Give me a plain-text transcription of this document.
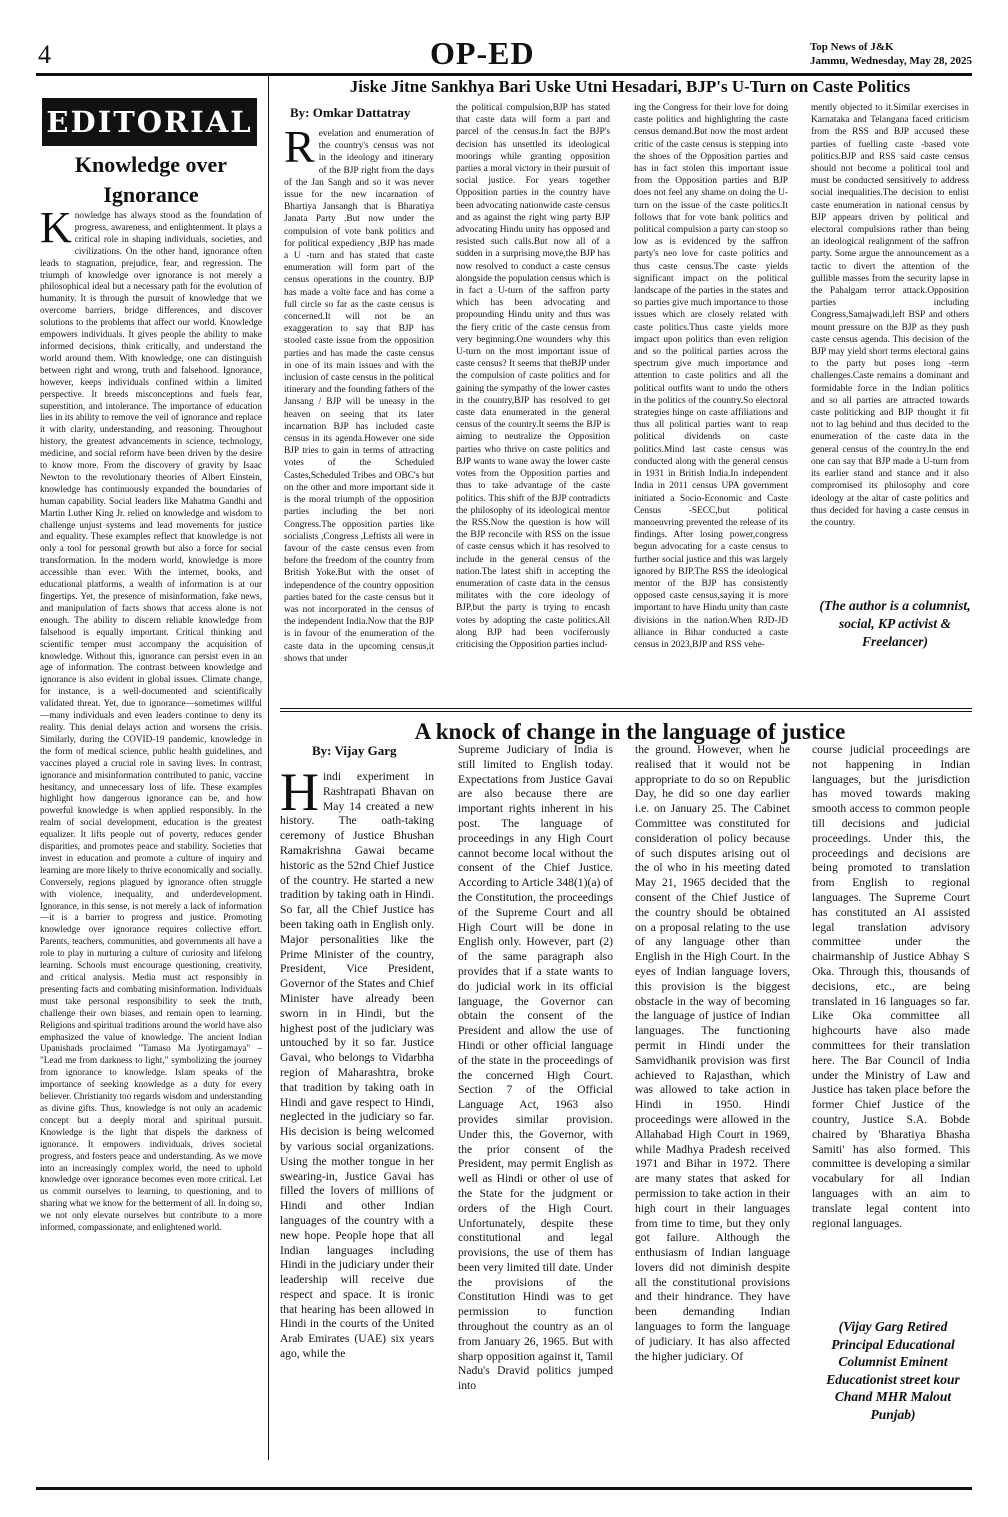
4	OP-ED	Top News of J&K
Jammu, Wednesday, May 28, 2025
EDITORIAL
Knowledge over Ignorance
Knowledge has always stood as the foundation of progress, awareness, and enlightenment. It plays a critical role in shaping individuals, societies, and civilizations. On the other hand, ignorance often leads to stagnation, prejudice, fear, and regression. The triumph of knowledge over ignorance is not merely a philosophical ideal but a necessary path for the evolution of humanity. It is through the pursuit of knowledge that we overcome barriers, bridge differences, and discover solutions to the problems that affect our world. Knowledge empowers individuals. It gives people the ability to make informed decisions, think critically, and understand the world around them. With knowledge, one can distinguish between right and wrong, truth and falsehood. Ignorance, however, keeps individuals confined within a limited perspective. It breeds misconceptions and fuels fear, superstition, and intolerance. The importance of education lies in its ability to remove the veil of ignorance and replace it with clarity, understanding, and reasoning. Throughout history, the greatest advancements in science, technology, medicine, and social reform have been driven by the desire to know more. From the discovery of gravity by Isaac Newton to the revolutionary theories of Albert Einstein, knowledge has continuously expanded the boundaries of human capability. Social leaders like Mahatma Gandhi and Martin Luther King Jr. relied on knowledge and wisdom to challenge unjust systems and lead movements for justice and equality. These examples reflect that knowledge is not only a tool for personal growth but also a force for social transformation. In the modern world, knowledge is more accessible than ever. With the internet, books, and educational platforms, a wealth of information is at our fingertips. Yet, the presence of misinformation, fake news, and manipulation of facts shows that access alone is not enough. The ability to discern reliable knowledge from falsehood is equally important. Critical thinking and scientific temper must accompany the acquisition of knowledge. Without this, ignorance can persist even in an age of information. The contrast between knowledge and ignorance is also evident in global issues. Climate change, for instance, is a well-documented and scientifically validated threat. Yet, due to ignorance—sometimes willful—many individuals and even leaders continue to deny its reality. This denial delays action and worsens the crisis. Similarly, during the COVID-19 pandemic, knowledge in the form of medical science, public health guidelines, and vaccines played a crucial role in saving lives. In contrast, ignorance and misinformation contributed to panic, vaccine hesitancy, and unnecessary loss of life. These examples highlight how dangerous ignorance can be, and how powerful knowledge is when applied responsibly. In the realm of social development, education is the greatest equalizer. It lifts people out of poverty, reduces gender disparities, and promotes peace and stability. Societies that invest in education and promote a culture of inquiry and learning are more likely to thrive economically and socially. Conversely, regions plagued by ignorance often struggle with violence, inequality, and underdevelopment. Ignorance, in this sense, is not merely a lack of information—it is a barrier to progress and justice. Promoting knowledge over ignorance requires collective effort. Parents, teachers, communities, and governments all have a role to play in nurturing a culture of curiosity and lifelong learning. Schools must encourage questioning, creativity, and critical analysis. Media must act responsibly in presenting facts and combating misinformation. Individuals must take personal responsibility to seek the truth, challenge their own biases, and remain open to learning. Religions and spiritual traditions around the world have also emphasized the value of knowledge. The ancient Indian Upanishads proclaimed "Tamaso Ma Jyotirgamaya" – "Lead me from darkness to light," symbolizing the journey from ignorance to knowledge. Islam speaks of the importance of seeking knowledge as a duty for every believer. Christianity too regards wisdom and understanding as divine gifts. Thus, knowledge is not only an academic concept but a deeply moral and spiritual pursuit. Knowledge is the light that dispels the darkness of ignorance. It empowers individuals, drives societal progress, and fosters peace and understanding. As we move into an increasingly complex world, the need to uphold knowledge over ignorance becomes even more critical. Let us commit ourselves to learning, to questioning, and to sharing what we know for the betterment of all. In doing so, we not only elevate ourselves but contribute to a more informed, compassionate, and enlightened world.
Jiske Jitne Sankhya Bari Uske Utni Hesadari, BJP's U-Turn on Caste Politics
By: Omkar Dattatray
Revelation and enumeration of the country's census was not in the ideology and itinerary of the BJP right from the days of the Jan Sangh and so it was never issue for the new incarnation of Bhartiya Jansangh that is Bharatiya Janata Party .But now under the compulsion of vote bank politics and for political expediency ,BJP has made a U -turn and has stated that caste enumeration will form part of the census operations in the country. BJP has made a volte face and has come a full circle so far as the caste census is concerned.It will not be an exaggeration to say that BJP has stooled caste issue from the opposition parties and has made the caste census in one of its main issues and with the inclusion of caste census in the political itinerary and the founding fathers of the Jansang / BJP will be uneasy in the heaven on seeing that its later incarnation BJP has included caste census in its agenda.However one side BJP tries to gain in terms of attracting votes of the Scheduled Castes,Scheduled Tribes and OBC's but on the other and more important side it is the moral triumph of the opposition parties including the bet nori Congress.The opposition parties like socialists ,Congress ,Leftists all were in favour of the caste census even from before the freedom of the country from British Yoke.But with the onset of independence of the country opposition parties bated for the caste census but it was not incorporated in the census of the independent India.Now that the BJP is in favour of the enumeration of the caste data in the upcoming census,it shows that under
the political compulsion,BJP has stated that caste data will form a part and parcel of the census.In fact the BJP's decision has unsettled its ideological moorings while granting opposition parties a moral victory in their pursuit of social justice. For years together Opposition parties in the country have been advocating nationwide caste census and as against the right wing party BJP advocating Hindu unity has opposed and resisted such calls.But now all of a sudden in a surprising move,the BJP has now resolved to conduct a caste census alongside the population census which is in fact a U-turn of the saffron party which has been advocating and propounding Hindu unity and thus was the fiery critic of the caste census from very beginning.One wounders why this U-turn on the most important issue of caste census? It seems that theBJP under the compulsion of caste politics and for gaining the sympathy of the lower castes in the country,BJP has resolved to get caste data enumerated in the general census of the country.It seems the BJP is aiming to neutralize the Opposition parties who thrive on caste politics and BJP wants to wane away the lower caste votes from the Opposition parties and thus to take advantage of the caste politics. This shift of the BJP contradicts the philosophy of its ideological mentor the RSS.Now the question is how will the BJP reconcile with RSS on the issue of caste census which it has resolved to include in the general census of the nation.The latest shift in accepting the enumeration of caste data in the census militates with the core ideology of BJP,but the party is trying to encash votes by adopting the caste politics.All along BJP had been vociferously criticising the Opposition parties includ-
ing the Congress for their love for doing caste politics and highlighting the caste census demand.But now the most ardent critic of the caste census is stepping into the shoes of the Opposition parties and has in fact stolen this important issue from the Opposition parties and BJP does not feel any shame on doing the U-turn on the issue of the caste politics.It follows that for vote bank politics and political compulsion a party can stoop so low as is evidenced by the saffron party's neo love for caste politics and thus caste census.The caste yields significant impact on the political landscape of the parties in the states and so parties give much importance to those issues which are closely related with caste politics.Thus caste yields more impact upon politics than even religion and so the political parties across the spectrum give much importance and attention to caste politics and all the political outfits want to undo the others in the politics of the country.So electoral strategies hinge on caste affiliations and thus all political parties want to reap political dividends on caste politics.Mind last caste census was conducted along with the general census in 1931 in British India.In independent India in 2011 census UPA government initiated a Socio-Economic and Caste Census -SECC,but political manoeuvring prevented the release of its findings. After losing power,congress begun advocating for a caste census to further social justice and this was largely ignored by BJP.The RSS the ideological mentor of the BJP has consistently opposed caste census,saying it is more important to have Hindu unity than caste divisions in the nation.When RJD-JD alliance in Bihar conducted a caste census in 2023,BJP and RSS vehe-
mently objected to it.Similar exercises in Karnataka and Telangana faced criticism from the RSS and BJP accused these parties of fuelling caste -based vote politics.BJP and RSS said caste census should not become a political tool and must be conducted sensitively to address social inequalities.The decision to enlist caste enumeration in national census by BJP appears driven by political and electoral compulsions rather than being an ideological realignment of the saffron party. Some argue the announcement as a tactic to divert the attention of the gullible masses from the security lapse in the Pahalgam terror attack.Opposition parties including Congress,Samajwadi,left BSP and others mount pressure on the BJP as they push caste census agenda. This decision of the BJP may yield short terms electoral gains to the party but poses long -term challenges.Caste remains a dominant and formidable force in the Indian politics and so all parties are attracted towards caste politicking and BJP thought it fit not to lag behind and thus decided to the enumeration of the caste data in the general census of the country.In the end one can say that BJP made a U-turn from its earlier stand and stance and it also compromised its philosophy and core ideology at the altar of caste politics and thus decided for having a caste census in the country.
(The author is a columnist, social, KP activist & Freelancer)
A knock of change in the language of justice
By: Vijay Garg
Hindi experiment in Rashtrapati Bhavan on May 14 created a new history. The oath-taking ceremony of Justice Bhushan Ramakrishna Gawai became historic as the 52nd Chief Justice of the country. He started a new tradition by taking oath in Hindi. So far, all the Chief Justice has been taking oath in English only. Major personalities like the Prime Minister of the country, President, Vice President, Governor of the States and Chief Minister have already been sworn in in Hindi, but the highest post of the judiciary was untouched by it so far. Justice Gavai, who belongs to Vidarbha region of Maharashtra, broke that tradition by taking oath in Hindi and gave respect to Hindi, neglected in the judiciary so far. His decision is being welcomed by various social organizations. Using the mother tongue in her swearing-in, Justice Gavai has filled the lovers of millions of Hindi and other Indian languages of the country with a new hope. People hope that all Indian languages including Hindi in the judiciary under their leadership will receive due respect and space. It is ironic that hearing has been allowed in Hindi in the courts of the United Arab Emirates (UAE) six years ago, while the
Supreme Judiciary of India is still limited to English today. Expectations from Justice Gavai are also because there are important rights inherent in his post. The language of proceedings in any High Court cannot become local without the consent of the Chief Justice. According to Article 348(1)(a) of the Constitution, the proceedings of the Supreme Court and all High Court will be done in English only. However, part (2) of the same paragraph also provides that if a state wants to do judicial work in its official language, the Governor can obtain the consent of the President and allow the use of Hindi or other official language of the state in the proceedings of the concerned High Court. Section 7 of the Official Language Act, 1963 also provides similar provision. Under this, the Governor, with the prior consent of the President, may permit English as well as Hindi or other ol use of the State for the judgment or orders of the High Court. Unfortunately, despite these constitutional and legal provisions, the use of them has been very limited till date. Under the provisions of the Constitution Hindi was to get permission to function throughout the country as an ol from January 26, 1965. But with sharp opposition against it, Tamil Nadu's Dravid politics jumped into
the ground. However, when he realised that it would not be appropriate to do so on Republic Day, he did so one day earlier i.e. on January 25. The Cabinet Committee was constituted for consideration ol policy because of such disputes arising out ol the ol who in his meeting dated May 21, 1965 decided that the consent of the Chief Justice of the country should be obtained on a proposal relating to the use of any language other than English in the High Court. In the eyes of Indian language lovers, this provision is the biggest obstacle in the way of becoming the language of justice of Indian languages. The functioning permit in Hindi under the Samvidhanik provision was first achieved to Rajasthan, which was allowed to take action in Hindi in 1950. Hindi proceedings were allowed in the Allahabad High Court in 1969, while Madhya Pradesh received 1971 and Bihar in 1972. There are many states that asked for permission to take action in their high court in their languages from time to time, but they only got failure. Although the enthusiasm of Indian language lovers did not diminish despite all the constitutional provisions and their hindrance. They have been demanding Indian languages to form the language of judiciary. It has also affected the higher judiciary. Of
course judicial proceedings are not happening in Indian languages, but the jurisdiction has moved towards making smooth access to common people till decisions and judicial proceedings. Under this, the proceedings and decisions are being promoted to translation from English to regional languages. The Supreme Court has constituted an AI assisted legal translation advisory committee under the chairmanship of Justice Abhay S Oka. Through this, thousands of decisions, etc., are being translated in 16 languages so far. Like Oka committee all highcourts have also made committees for their translation here. The Bar Council of India under the Ministry of Law and Justice has taken place before the former Chief Justice of the country, Justice S.A. Bobde chaired by 'Bharatiya Bhasha Samiti' has also formed. This committee is developing a similar vocabulary for all Indian languages with an aim to translate legal content into regional languages.
(Vijay Garg Retired Principal Educational Columnist Eminent Educationist street kour Chand MHR Malout Punjab)
